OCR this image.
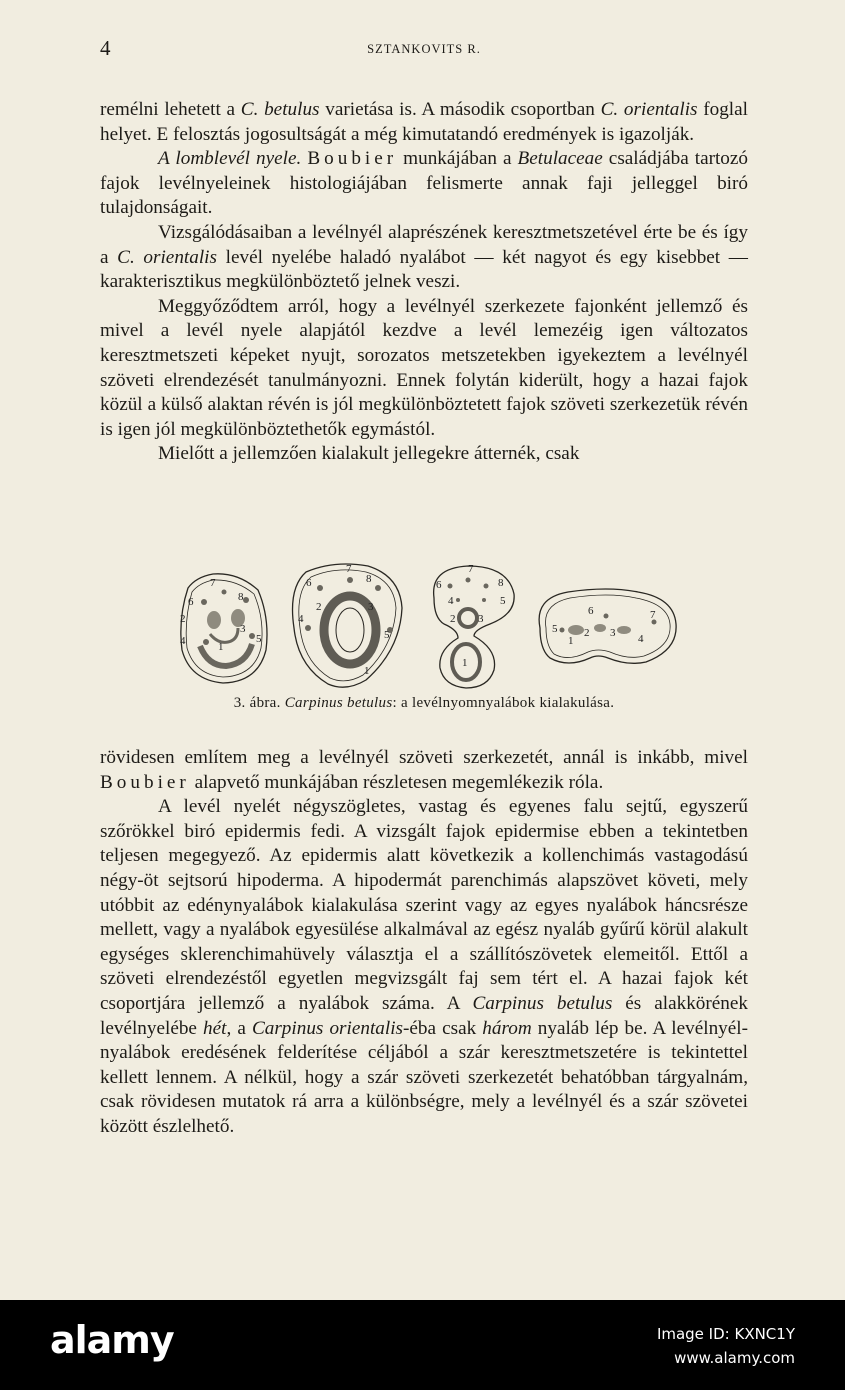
4	SZTANKOVITS R.

remélni lehetett a C. betulus varietása is. A második csoportban C. orientalis foglal helyet. E felosztás jogosultságát a még kimutatandó eredmények is igazolják.

A lomblevél nyele. Boubier munkájában a Betulaceae családjába tartozó fajok levélnyeleinek histologiájában felismerte annak faji jelleggel biró tulajdonságait.

Vizsgálódásaiban a levélnyél alaprészének keresztmetszetével érte be és így a C. orientalis levél nyelébe haladó nyalábot — két nagyot és egy kisebbet — karakterisztikus megkülönböztető jelnek veszi.

Meggyőződtem arról, hogy a levélnyél szerkezete fajonként jellemző és mivel a levél nyele alapjától kezdve a levél lemezéig igen változatos keresztmetszeti képeket nyujt, sorozatos metszetekben igyekeztem a levélnyél szöveti elrendezését tanulmányozni. Ennek folytán kiderült, hogy a hazai fajok közül a külső alaktan révén is jól megkülönböztetett fajok szöveti szerkezetük révén is igen jól megkülönböztethetők egymástól.

Mielőtt a jellemzően kialakult jellegekre átternék, csak

7
8
6
2
3
4	5
1
7
6	8
2	3
4
5
1
7
6	8
4	5
2 3
1
6	7
5 2 3
1	4
3. ábra. Carpinus betulus: a levélnyomnyalábok kialakulása.

rövidesen említem meg a levélnyél szöveti szerkezetét, annál is inkább, mivel Boubier alapvető munkájában részletesen megemlékezik róla.

A levél nyelét négyszögletes, vastag és egyenes falu sejtű, egyszerű szőrökkel biró epidermis fedi. A vizsgált fajok epidermise ebben a tekintetben teljesen megegyező. Az epidermis alatt következik a kollenchimás vastagodású négy-öt sejtsorú hipoderma. A hipodermát parenchimás alapszövet követi, mely utóbbit az edénynyalábok kialakulása szerint vagy az egyes nyalábok háncsrésze mellett, vagy a nyalábok egyesülése alkalmával az egész nyaláb gyűrű körül alakult egységes sklerenchimahüvely választja el a szállítószövetek elemeitől. Ettől a szöveti elrendezéstől egyetlen megvizsgált faj sem tért el. A hazai fajok két csoportjára jellemző a nyalábok száma. A Carpinus betulus és alakkörének levélnyelébe hét, a Carpinus orientalis-éba csak három nyaláb lép be. A levélnyél-nyalábok eredésének felderítése céljából a szár keresztmetszetére is tekintettel kellett lennem. A nélkül, hogy a szár szöveti szerkezetét behatóbban tárgyalnám, csak rövidesen mutatok rá arra a különbségre, mely a levélnyél és a szár szövetei között észlelhető.

alamy	Image ID: KXNC1Y
www.alamy.com
